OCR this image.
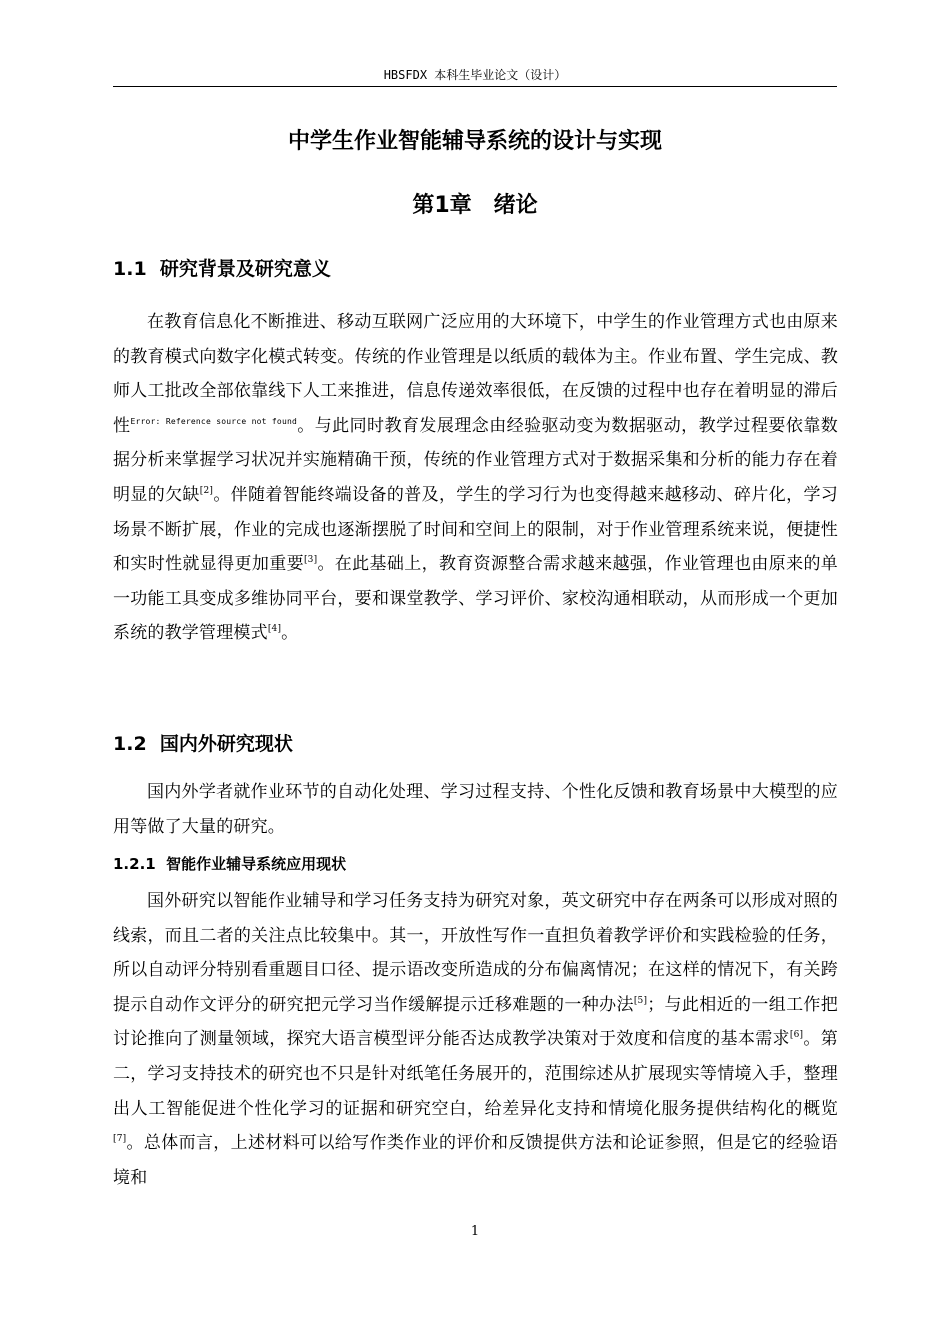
HBSFDX 本科生毕业论文（设计）
中学生作业智能辅导系统的设计与实现
第1章　绪论
1.1  研究背景及研究意义

在教育信息化不断推进、移动互联网广泛应用的大环境下，中学生的作业管理方式也由原来的教育模式向数字化模式转变。传统的作业管理是以纸质的载体为主。作业布置、学生完成、教师人工批改全部依靠线下人工来推进，信息传递效率很低，在反馈的过程中也存在着明显的滞后性$^{Error: Reference source not found}$。与此同时教育发展理念由经验驱动变为数据驱动，教学过程要依靠数据分析来掌握学习状况并实施精确干预，传统的作业管理方式对于数据采集和分析的能力存在着明显的欠缺[2]。伴随着智能终端设备的普及，学生的学习行为也变得越来越移动、碎片化，学习场景不断扩展，作业的完成也逐渐摆脱了时间和空间上的限制，对于作业管理系统来说，便捷性和实时性就显得更加重要[3]。在此基础上，教育资源整合需求越来越强，作业管理也由原来的单一功能工具变成多维协同平台，要和课堂教学、学习评价、家校沟通相联动，从而形成一个更加系统的教学管理模式[4]。

1.2  国内外研究现状

国内外学者就作业环节的自动化处理、学习过程支持、个性化反馈和教育场景中大模型的应用等做了大量的研究。

1.2.1  智能作业辅导系统应用现状

国外研究以智能作业辅导和学习任务支持为研究对象，英文研究中存在两条可以形成对照的线索，而且二者的关注点比较集中。其一，开放性写作一直担负着教学评价和实践检验的任务，所以自动评分特别看重题目口径、提示语改变所造成的分布偏离情况；在这样的情况下，有关跨提示自动作文评分的研究把元学习当作缓解提示迁移难题的一种办法[5]；与此相近的一组工作把讨论推向了测量领域，探究大语言模型评分能否达成教学决策对于效度和信度的基本需求[6]。第二，学习支持技术的研究也不只是针对纸笔任务展开的，范围综述从扩展现实等情境入手，整理出人工智能促进个性化学习的证据和研究空白，给差异化支持和情境化服务提供结构化的概览[7]。总体而言，上述材料可以给写作类作业的评价和反馈提供方法和论证参照，但是它的经验语境和

1
